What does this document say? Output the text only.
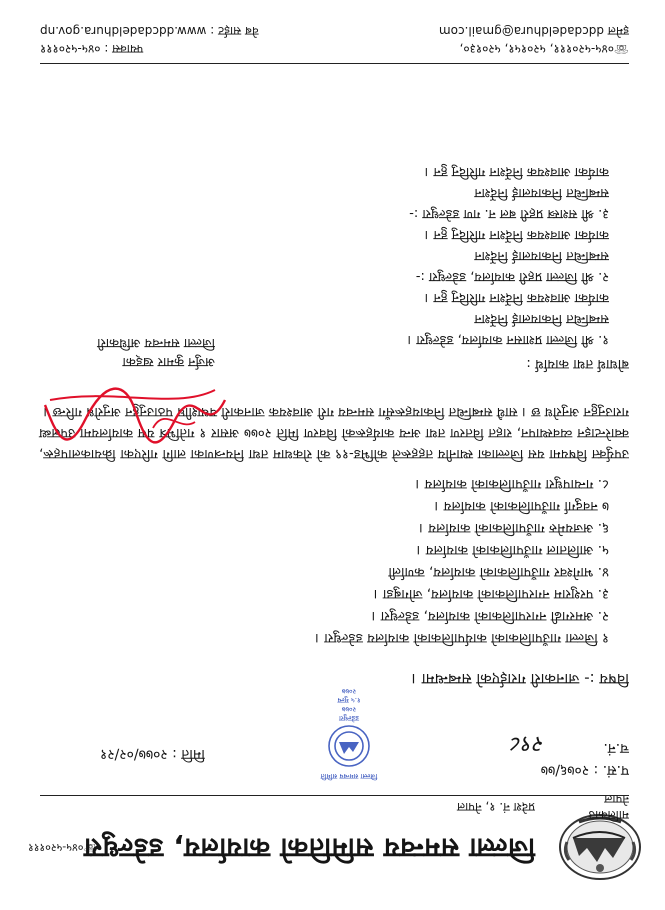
जिल्ला समन्वय समितिको कार्यालय, डडेल्धुरा
☏०४५-५२०१११
मालिकाउ
नेपाल
प्रदेश नं. १, नेपाल
प.सं. : २०७६/७७
च.नं.
२९८
मिति : २०७७/०२/२१
जिल्ला समन्वय समिति
डडेल्धुरा
२०७७
१.५ मुल्य
२०७७
विषय :- जानकारी गराईएको सम्बन्धमा ।
१ जिल्ला गाउँपालिकाको कार्यपालिकाको कार्यालय डडेल्धुरा ।
२. अमरगढी नगरपालिकाको कार्यालय, डडेल्धुरा ।
३. परशुराम नगरपालिकाको कार्यालय, जोगबुडा ।
४. भागेश्वर गाउँपालिकाको कार्यालय, कर्णाली
५. आलिताल गाउँपालिकाको कार्यालय ।
६. अजयमेरु गाउँपालिकाको कार्यालय ।
७ नवदुर्गा गाउँपालिकाको कार्यालय ।
८. गन्यापधुरा गाउँपालिकाको कार्यालय ।
उपर्युक्त विषयमा यस जिल्लाका स्थानीय तहहरूले कोभिड-१९ को रोकथाम तथा नियन्त्रणका लागि गरिएका क्रियाकलापहरू, क्वारेन्टाइन व्यवस्थापन, राहत वितरण तथा अन्य कार्यहरूको विवरण मिति २०७७ असार १ गतेभित्र यस कार्यालयमा उपलब्ध गराउनुहुन अनुरोध छ । साथै सम्बन्धित निकायहरूसँग समन्वय गरी आवश्यक जानकारी यथाशीघ्र पठाउनुहुन अनुरोध गरिन्छ ।
अर्जुन कुमार खड्का
जिल्ला समन्वय अधिकारी
बोधार्थ तथा कार्यार्थ :
१. श्री जिल्ला प्रशासन कार्यालय, डडेल्धुरा ।
सम्बन्धित निकायलाई निर्देशन
कार्यका आवश्यक निर्देशन गरिदिनु हुन ।
२. श्री जिल्ला प्रहरी कार्यालय, डडेल्धुरा :-
सम्बन्धित निकायलाई निर्देशन
कार्यका आवश्यक निर्देशन गरिदिनु हुन ।
३. श्री सशस्त्र प्रहरी बल न. गण डडेल्धुरा :-
सम्बन्धित निकायलाई निर्देशन
कार्यका आवश्यक निर्देशन गरिदिनु हुन ।
☏०४५-५२०१११, ५२०१५१, ५२०१३०,
इमेल ddcdadeldhura@gmail.com
फ्याक्स : ०४५-५२०१११
वेब साईट : www.ddcdadeldhura.gov.np
